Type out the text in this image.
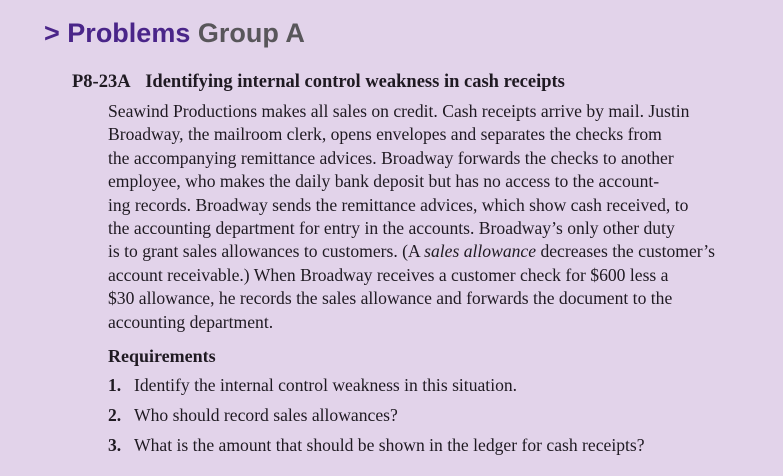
> Problems Group A
P8-23A Identifying internal control weakness in cash receipts
Seawind Productions makes all sales on credit. Cash receipts arrive by mail. Justin
Broadway, the mailroom clerk, opens envelopes and separates the checks from
the accompanying remittance advices. Broadway forwards the checks to another
employee, who makes the daily bank deposit but has no access to the account-
ing records. Broadway sends the remittance advices, which show cash received, to
the accounting department for entry in the accounts. Broadway’s only other duty
is to grant sales allowances to customers. (A sales allowance decreases the customer’s
account receivable.) When Broadway receives a customer check for $600 less a
$30 allowance, he records the sales allowance and forwards the document to the
accounting department.
Requirements
1. Identify the internal control weakness in this situation.
2. Who should record sales allowances?
3. What is the amount that should be shown in the ledger for cash receipts?
